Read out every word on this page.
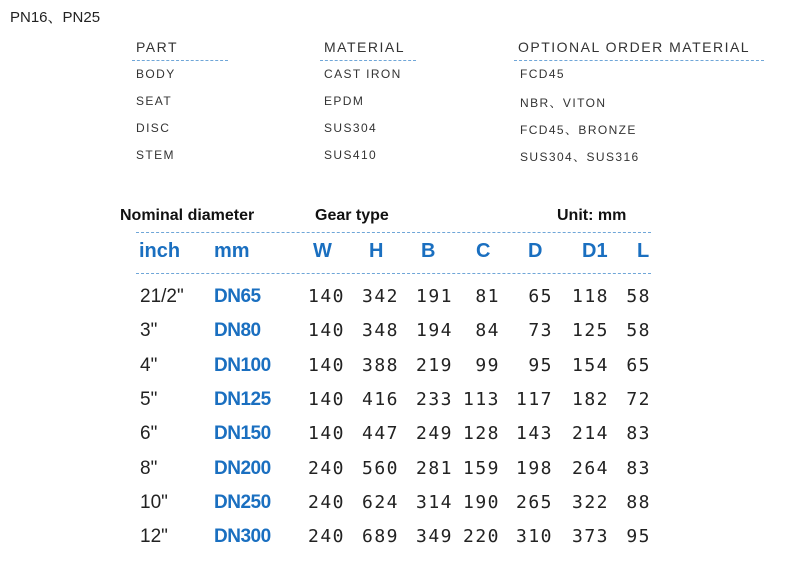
PN16、PN25
PART	MATERIAL	OPTIONAL ORDER MATERIAL
BODY	CAST IRON	FCD45
SEAT	EPDM	NBR、VITON
DISC	SUS304	FCD45、BRONZE
STEM	SUS410	SUS304、SUS316
Nominal diameter	Gear type	Unit: mm
inch mm	W H B C D D1 L
21/2" DN65	140 342 191	81	65	118 58
3"	DN80	140 348 194	84	73	125 58
4"	DN100	140 388 219	99	95	154 65
5"	DN125	140 416 233 113 117	182 72
6"	DN150	140 447 249 128 143	214 83
8"	DN200	240 560 281 159 198	264 83
10" DN250	240 624 314 190 265	322 88
12" DN300	240 689 349 220 310	373 95
